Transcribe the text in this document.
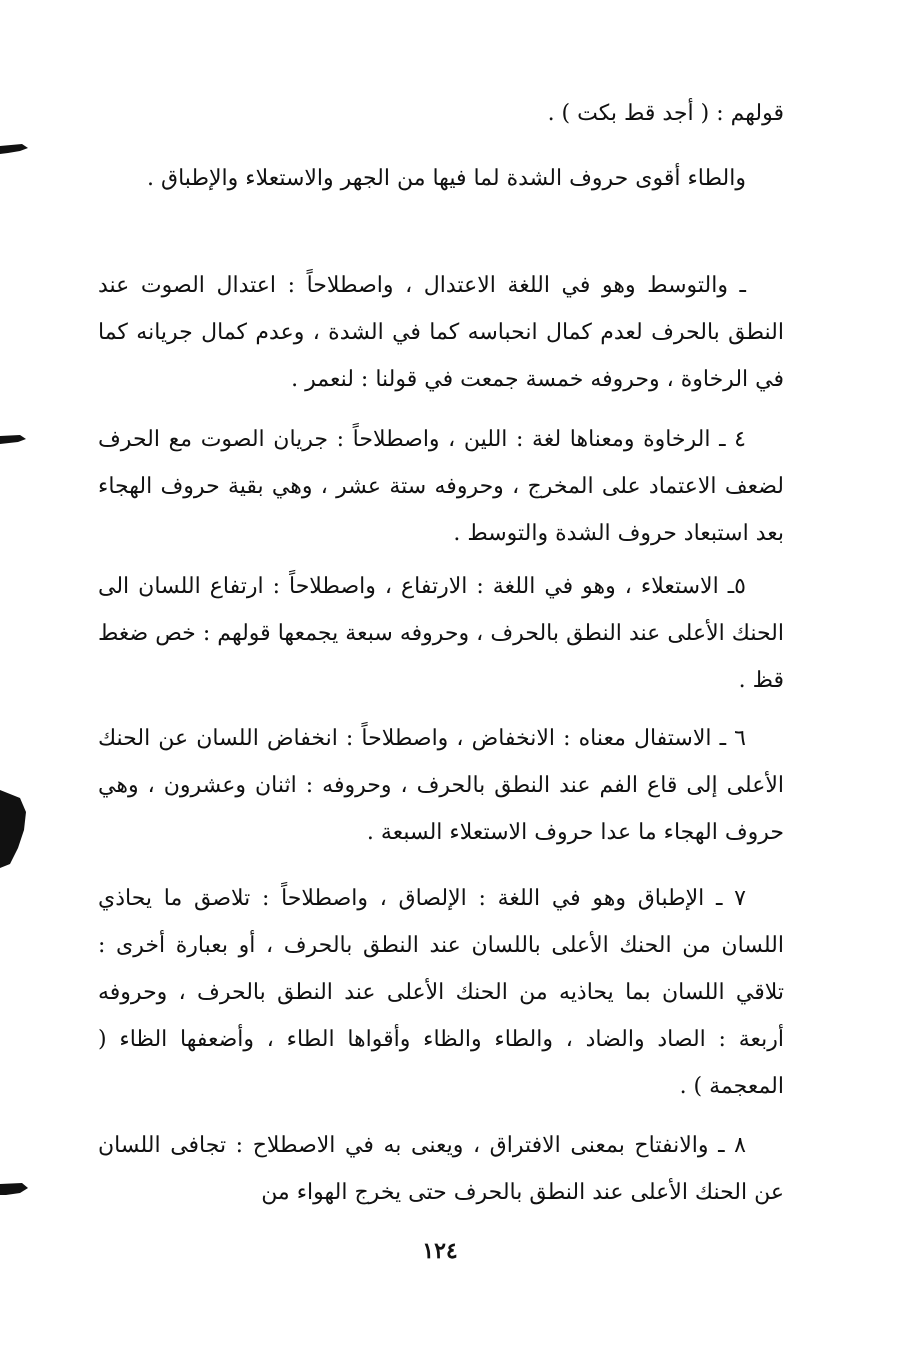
قولهم : ( أجد قط بكت ) .

والطاء أقوى حروف الشدة لما فيها من الجهر والاستعلاء والإطباق .

ـ والتوسط وهو في اللغة الاعتدال ، واصطلاحاً : اعتدال الصوت عند النطق بالحرف لعدم كمال انحباسه كما في الشدة ، وعدم كمال جريانه كما في الرخاوة ، وحروفه خمسة جمعت في قولنا : لنعمر .

٤ ـ الرخاوة ومعناها لغة : اللين ، واصطلاحاً : جريان الصوت مع الحرف لضعف الاعتماد على المخرج ، وحروفه ستة عشر ، وهي بقية حروف الهجاء بعد استبعاد حروف الشدة والتوسط .

٥ـ الاستعلاء ، وهو في اللغة : الارتفاع ، واصطلاحاً : ارتفاع اللسان الى الحنك الأعلى عند النطق بالحرف ، وحروفه سبعة يجمعها قولهم : خص ضغط قظ .

٦ ـ الاستفال معناه : الانخفاض ، واصطلاحاً : انخفاض اللسان عن الحنك الأعلى إلى قاع الفم عند النطق بالحرف ، وحروفه : اثنان وعشرون ، وهي حروف الهجاء ما عدا حروف الاستعلاء السبعة .

٧ ـ الإطباق وهو في اللغة : الإلصاق ، واصطلاحاً : تلاصق ما يحاذي اللسان من الحنك الأعلى باللسان عند النطق بالحرف ، أو بعبارة أخرى : تلاقي اللسان بما يحاذيه من الحنك الأعلى عند النطق بالحرف ، وحروفه أربعة : الصاد والضاد ، والطاء والظاء وأقواها الطاء ، وأضعفها الظاء ( المعجمة ) .

٨ ـ والانفتاح بمعنى الافتراق ، ويعنى به في الاصطلاح : تجافى اللسان عن الحنك الأعلى عند النطق بالحرف حتى يخرج الهواء من

١٢٤
